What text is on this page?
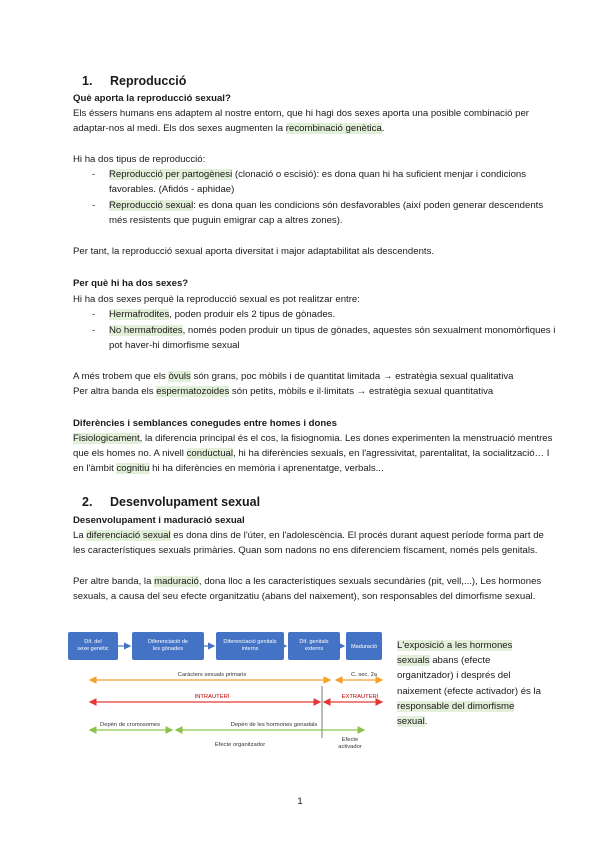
1. Reproducció
Què aporta la reproducció sexual?

Els éssers humans ens adaptem al nostre entorn, que hi hagi dos sexes aporta una posible combinació per adaptar-nos al medi. Els dos sexes augmenten la recombinació genètica.

Hi ha dos tipus de reproducció:

- Reproducció per partogènesi (clonació o escisió): es dona quan hi ha suficient menjar i condicions favorables. (Afidós - aphidae)
- Reproducció sexual: es dona quan les condicions són desfavorables (així poden generar descendents més resistents que puguin emigrar cap a altres zones).

Per tant, la reproducció sexual aporta diversitat i major adaptabilitat als descendents.

Per què hi ha dos sexes?

Hi ha dos sexes perquè la reproducció sexual es pot realitzar entre:

- Hermafrodites, poden produir els 2 tipus de gònades.
- No hermafrodites, només poden produir un tipus de gònades, aquestes són sexualment monomòrfiques i pot haver-hi dimorfisme sexual

A més trobem que els òvuls són grans, poc mòbils i de quantitat limitada → estratègia sexual qualitativa

Per altra banda els espermatozoides són petits, mòbils e il·limitats → estratègia sexual quantitativa

Diferències i semblances conegudes entre homes i dones

Fisiologicament, la diferencia principal és el cos, la fisiognomia. Les dones experimenten la menstruació mentres que els homes no. A nivell conductual, hi ha diferències sexuals, en l'agressivitat, parentalitat, la socialització… I en l'àmbit cognitiu hi ha diferències en memòria i aprenentatge, verbals...

2. Desenvolupament sexual
Desenvolupament i maduració sexual

La diferenciació sexual es dona dins de l'úter, en l'adolescència. El procés durant aquest període forma part de les característiques sexuals primàries. Quan som nadons no ens diferenciem físcament, només pels genitals.

Per altre banda, la maduració, dona lloc a les característiques sexuals secundàries (pit, vell,...), Les hormones sexuals, a causa del seu efecte organitzatiu (abans del naixement), son responsables del dimorfisme sexual.

Dif. del sexe genètic
Diferenciació de les gònades
Diferenciació genitals interns
Dif. genitals externs	Maduració
Caràcters sexuals primaris	C. sec. 2a
INTRAUTERÍ	EXTRAUTERÍ
Depèn de cromosomes	Depèn de les hormones gonadals
Efecte organitzador
Efecte
activador

L'exposició a les hormones sexuals abans (efecte organitzador) i després del naixement (efecte activador) és la responsable del dimorfisme sexual.

1
